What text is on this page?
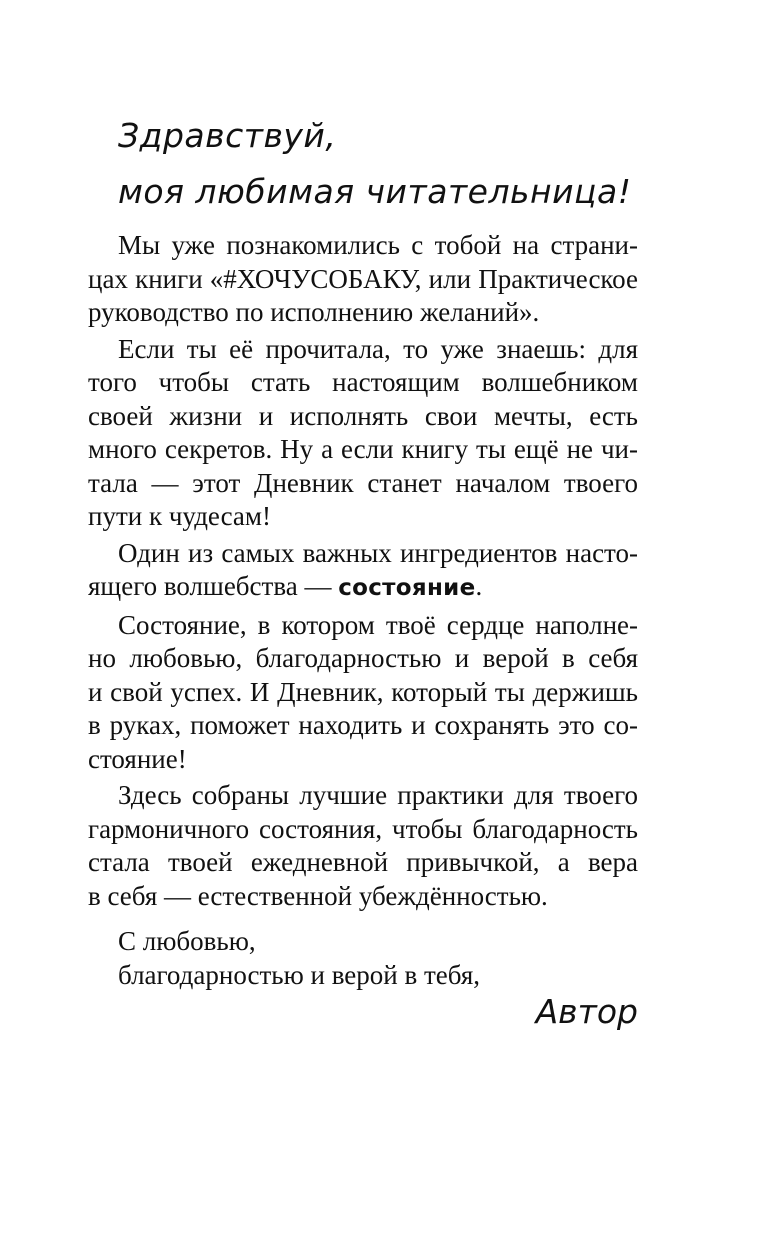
Здравствуй,
моя любимая читательница!
Мы уже познакомились с тобой на страни-
цах книги «#ХОЧУСОБАКУ, или Практическое
руководство по исполнению желаний».
Если ты её прочитала, то уже знаешь: для
того чтобы стать настоящим волшебником
своей жизни и исполнять свои мечты, есть
много секретов. Ну а если книгу ты ещё не чи-
тала — этот Дневник станет началом твоего
пути к чудесам!
Один из самых важных ингредиентов насто-
ящего волшебства — состояние.
Состояние, в котором твоё сердце наполне-
но любовью, благодарностью и верой в себя
и свой успех. И Дневник, который ты держишь
в руках, поможет находить и сохранять это со-
стояние!
Здесь собраны лучшие практики для твоего
гармоничного состояния, чтобы благодарность
стала твоей ежедневной привычкой, а вера
в себя — естественной убеждённостью.
С любовью,
благодарностью и верой в тебя,
Автор
